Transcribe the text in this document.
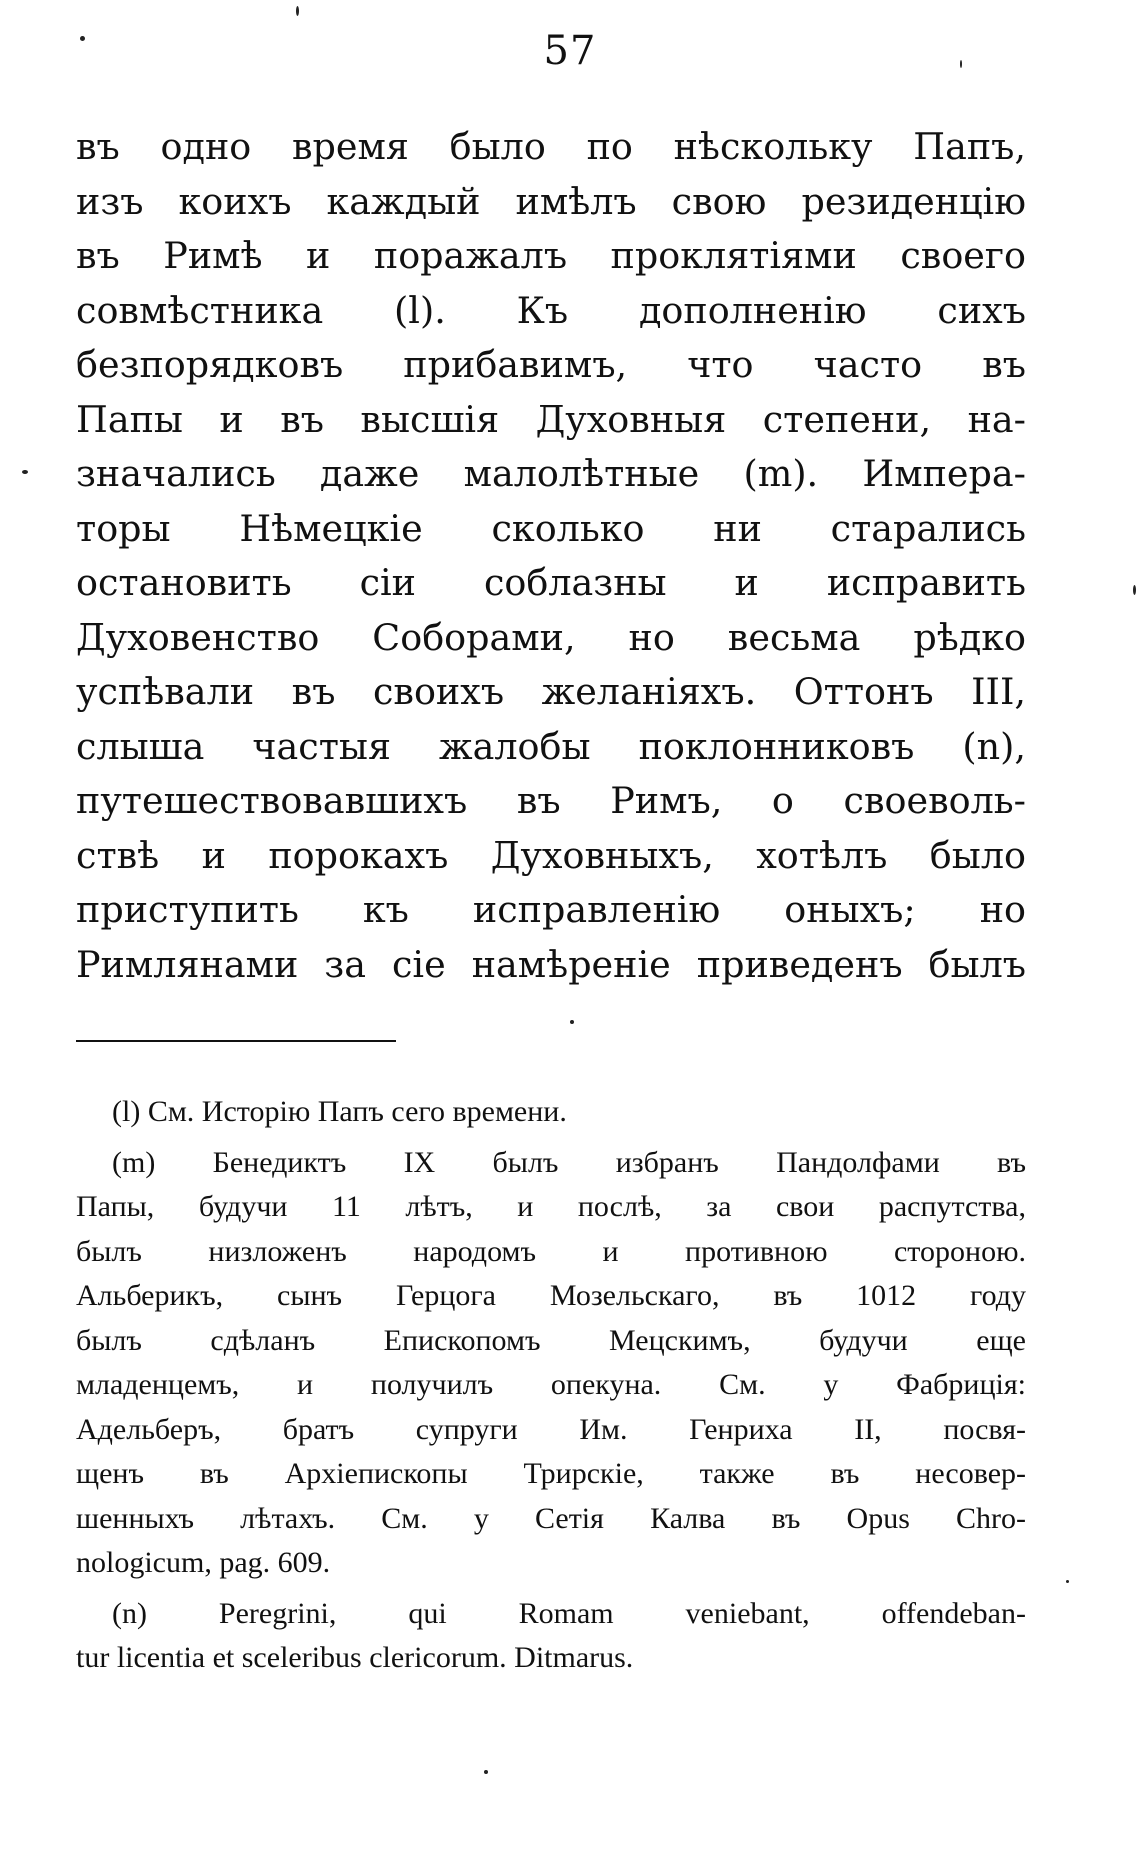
57
въ одно время было по нѣскольку Папъ,
изъ коихъ каждый имѣлъ свою резиденцію
въ Римѣ и поражалъ проклятіями своего
совмѣстника (l). Къ дополненію сихъ
безпорядковъ прибавимъ, что часто въ
Папы и въ высшія Духовныя степени, на-
значались даже малолѣтные (m). Импера-
торы Нѣмецкіе сколько ни старались
остановить сіи соблазны и исправить
Духовенство Соборами, но весьма рѣдко
успѣвали въ своихъ желаніяхъ. Оттонъ III,
слыша частыя жалобы поклонниковъ (n),
путешествовавшихъ въ Римъ, о своеволь-
ствѣ и порокахъ Духовныхъ, хотѣлъ было
приступить къ исправленію оныхъ; но
Римлянами за сіе намѣреніе приведенъ былъ
(l) См. Исторію Папъ сего времени.
(m) Бенедиктъ IX былъ избранъ Пандолфами въ
Папы, будучи 11 лѣтъ, и послѣ, за свои распутства,
былъ низложенъ народомъ и противною стороною.
Альберикъ, сынъ Герцога Мозельскаго, въ 1012 году
былъ сдѣланъ Епископомъ Мецскимъ, будучи еще
младенцемъ, и получилъ опекуна. См. у Фабриція:
Адельберъ, братъ супруги Им. Генриха II, посвя-
щенъ въ Архіепископы Трирскіе, также въ несовер-
шенныхъ лѣтахъ. См. у Сетія Калва въ Opus Chro-
nologicum, pag. 609.
(n) Peregrini, qui Romam veniebant, offendeban-
tur licentia et sceleribus clericorum. Ditmarus.
